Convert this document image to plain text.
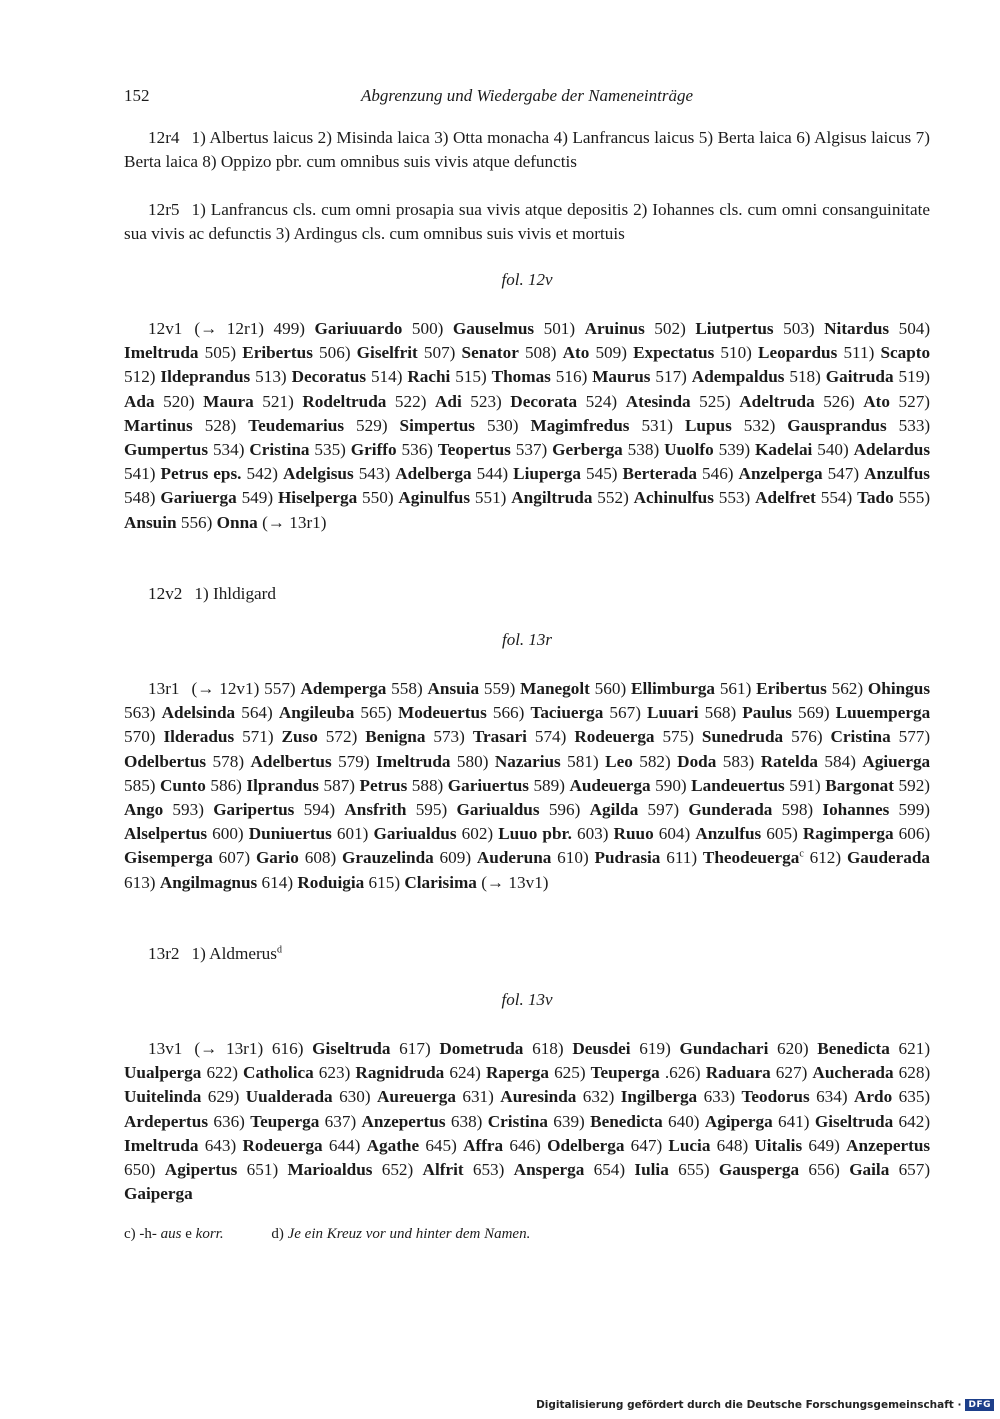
152	Abgrenzung und Wiedergabe der Nameneinträge
12r4 1) Albertus laicus 2) Misinda laica 3) Otta monacha 4) Lanfrancus laicus 5) Berta laica 6) Algisus laicus 7) Berta laica 8) Oppizo pbr. cum omnibus suis vivis atque defunctis
12r5 1) Lanfrancus cls. cum omni prosapia sua vivis atque depositis 2) Iohannes cls. cum omni consanguinitate sua vivis ac defunctis 3) Ardingus cls. cum omnibus suis vivis et mortuis
fol. 12v
12v1 (→ 12r1) 499) Gariuuardo 500) Gauselmus 501) Aruinus 502) Liutpertus 503) Nitardus 504) Imeltruda 505) Eribertus 506) Giselfrit 507) Senator 508) Ato 509) Expectatus 510) Leopardus 511) Scapto 512) Ildeprandus 513) Decoratus 514) Rachi 515) Thomas 516) Maurus 517) Adempaldus 518) Gaitruda 519) Ada 520) Maura 521) Rodeltruda 522) Adi 523) Decorata 524) Atesinda 525) Adeltruda 526) Ato 527) Martinus 528) Teudemarius 529) Simpertus 530) Magimfredus 531) Lupus 532) Gausprandus 533) Gumpertus 534) Cristina 535) Griffo 536) Teopertus 537) Gerberga 538) Uuolfo 539) Kadelai 540) Adelardus 541) Petrus eps. 542) Adelgisus 543) Adelberga 544) Liuperga 545) Berterada 546) Anzelperga 547) Anzulfus 548) Gariuerga 549) Hiselperga 550) Aginulfus 551) Angiltruda 552) Achinulfus 553) Adelfret 554) Tado 555) Ansuin 556) Onna (→ 13r1)
12v2 1) Ihldigard
fol. 13r
13r1 (→ 12v1) 557) Ademperga 558) Ansuia 559) Manegolt 560) Ellimburga 561) Eribertus 562) Ohingus 563) Adelsinda 564) Angileuba 565) Modeuertus 566) Taciuerga 567) Luuari 568) Paulus 569) Luuemperga 570) Ilderadus 571) Zuso 572) Benigna 573) Trasari 574) Rodeuerga 575) Sunedruda 576) Cristina 577) Odelbertus 578) Adelbertus 579) Imeltruda 580) Nazarius 581) Leo 582) Doda 583) Ratelda 584) Agiuerga 585) Cunto 586) Ilprandus 587) Petrus 588) Gariuertus 589) Audeuerga 590) Landeuertus 591) Bargonat 592) Ango 593) Garipertus 594) Ansfrith 595) Gariualdus 596) Agilda 597) Gunderada 598) Iohannes 599) Alselpertus 600) Duniuertus 601) Gariualdus 602) Luuo pbr. 603) Ruuo 604) Anzulfus 605) Ragimperga 606) Gisemperga 607) Gario 608) Grauzelinda 609) Auderuna 610) Pudrasia 611) Theodeuerga$^c$ 612) Gauderada 613) Angilmagnus 614) Roduigia 615) Clarisima (→ 13v1)
13r2 1) Aldmerus$^d$
fol. 13v
13v1 (→ 13r1) 616) Giseltruda 617) Dometruda 618) Deusdei 619) Gundachari 620) Benedicta 621) Uualperga 622) Catholica 623) Ragnidruda 624) Raperga 625) Teuperga .626) Raduara 627) Aucherada 628) Uuitelinda 629) Uualderada 630) Aureuerga 631) Auresinda 632) Ingilberga 633) Teodorus 634) Ardo 635) Ardepertus 636) Teuperga 637) Anzepertus 638) Cristina 639) Benedicta 640) Agiperga 641) Giseltruda 642) Imeltruda 643) Rodeuerga 644) Agathe 645) Affra 646) Odelberga 647) Lucia 648) Uitalis 649) Anzepertus 650) Agipertus 651) Marioaldus 652) Alfrit 653) Ansperga 654) Iulia 655) Gausperga 656) Gaila 657) Gaiperga
c) -h- aus e korr.	d) Je ein Kreuz vor und hinter dem Namen.
Digitalisierung gefördert durch die Deutsche Forschungsgemeinschaft · DFG
